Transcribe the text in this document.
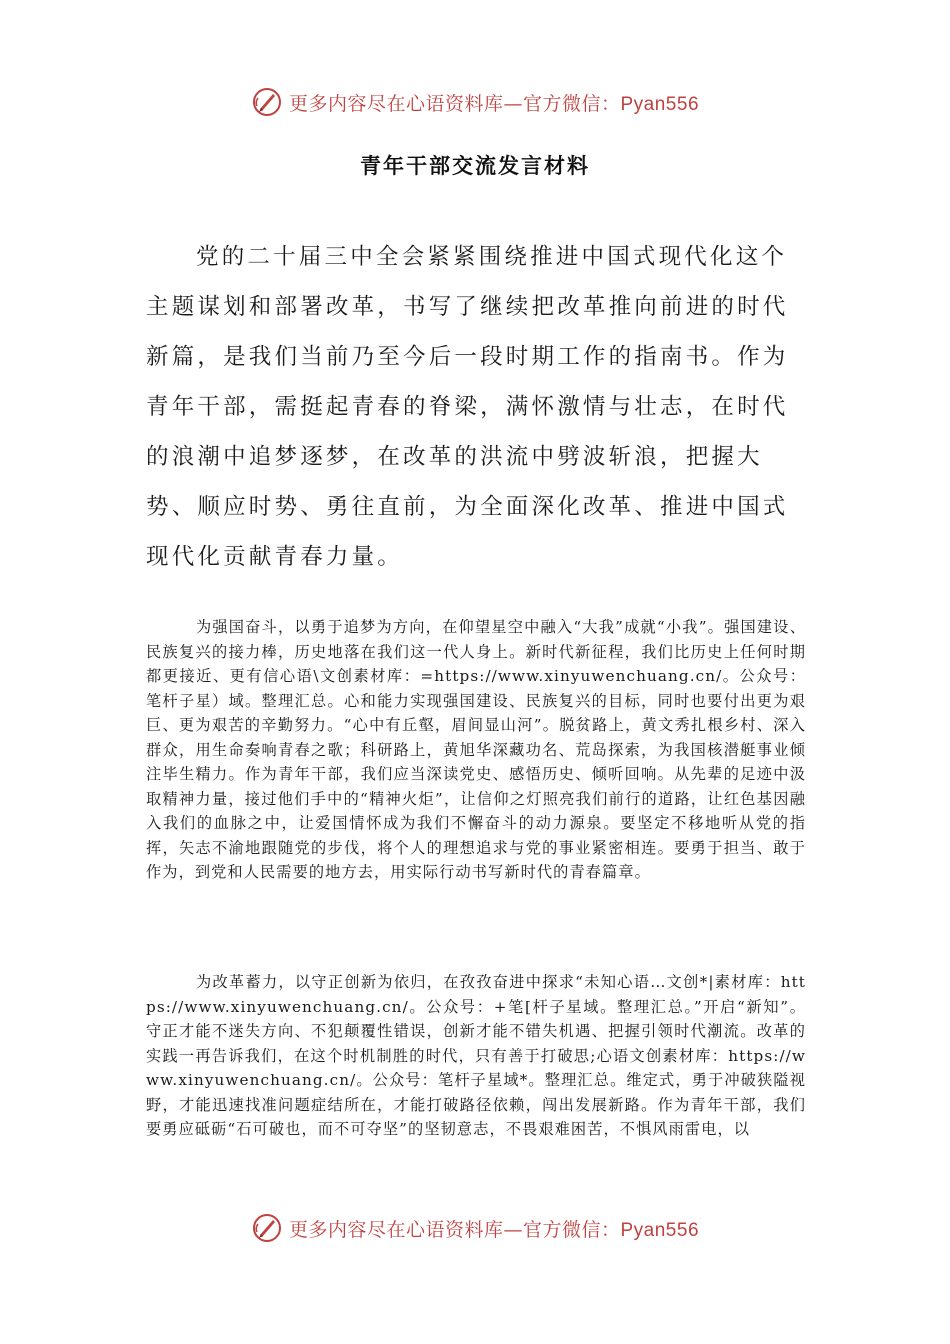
更多内容尽在心语资料库—官方微信：Pyan556
青年干部交流发言材料

党的二十届三中全会紧紧围绕推进中国式现代化这个主题谋划和部署改革，书写了继续把改革推向前进的时代新篇，是我们当前乃至今后一段时期工作的指南书。作为青年干部，需挺起青春的脊梁，满怀激情与壮志，在时代的浪潮中追梦逐梦，在改革的洪流中劈波斩浪，把握大势、顺应时势、勇往直前，为全面深化改革、推进中国式现代化贡献青春力量。

为强国奋斗，以勇于追梦为方向，在仰望星空中融入“大我”成就“小我”。强国建设、民族复兴的接力棒，历史地落在我们这一代人身上。新时代新征程，我们比历史上任何时期都更接近、更有信心语\文创素材库：=https://www.xinyuwenchuang.cn/。公众号：笔杆子星）域。整理汇总。心和能力实现强国建设、民族复兴的目标，同时也要付出更为艰巨、更为艰苦的辛勤努力。“心中有丘壑，眉间显山河”。脱贫路上，黄文秀扎根乡村、深入群众，用生命奏响青春之歌；科研路上，黄旭华深藏功名、荒岛探索，为我国核潜艇事业倾注毕生精力。作为青年干部，我们应当深读党史、感悟历史、倾听回响。从先辈的足迹中汲取精神力量，接过他们手中的“精神火炬”，让信仰之灯照亮我们前行的道路，让红色基因融入我们的血脉之中，让爱国情怀成为我们不懈奋斗的动力源泉。要坚定不移地听从党的指挥，矢志不渝地跟随党的步伐，将个人的理想追求与党的事业紧密相连。要勇于担当、敢于作为，到党和人民需要的地方去，用实际行动书写新时代的青春篇章。

为改革蓄力，以守正创新为依归，在孜孜奋进中探求“未知心语…文创*|素材库：https://www.xinyuwenchuang.cn/。公众号：+笔[杆子星域。整理汇总。”开启“新知”。守正才能不迷失方向、不犯颠覆性错误，创新才能不错失机遇、把握引领时代潮流。改革的实践一再告诉我们，在这个时机制胜的时代，只有善于打破思;心语文创素材库：https://www.xinyuwenchuang.cn/。公众号：笔杆子星域*。整理汇总。维定式，勇于冲破狭隘视野，才能迅速找准问题症结所在，才能打破路径依赖，闯出发展新路。作为青年干部，我们要勇应砥砺“石可破也，而不可夺坚”的坚韧意志，不畏艰难困苦，不惧风雨雷电，以

更多内容尽在心语资料库—官方微信：Pyan556
